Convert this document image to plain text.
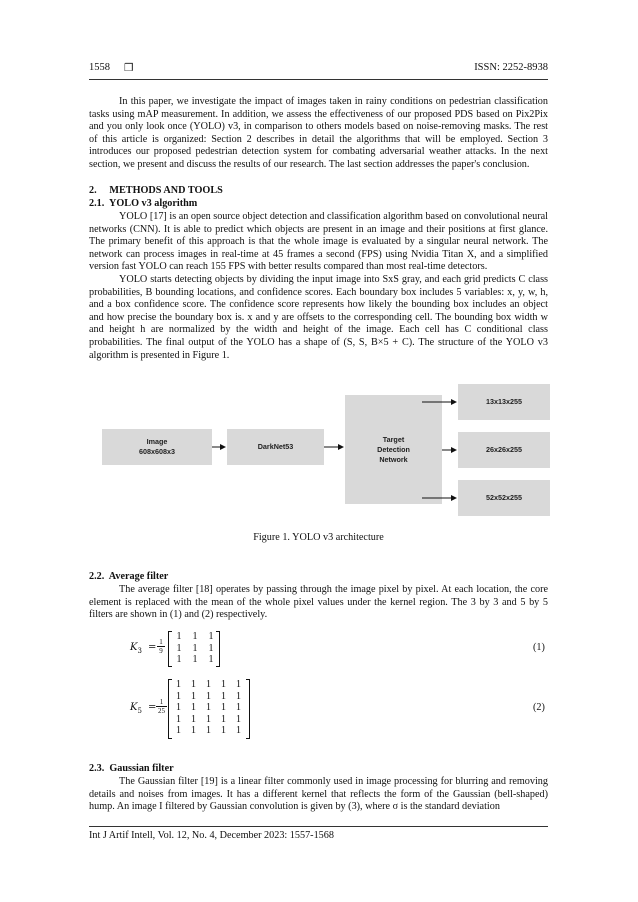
1558 ❒	ISSN: 2252-8938

In this paper, we investigate the impact of images taken in rainy conditions on pedestrian classification tasks using mAP measurement. In addition, we assess the effectiveness of our proposed PDS based on Pix2Pix and you only look once (YOLO) v3, in comparison to others models based on noise-removing masks. The rest of this article is organized: Section 2 describes in detail the algorithms that will be employed. Section 3 introduces our proposed pedestrian detection system for combating adversarial weather attacks. In the next section, we present and discuss the results of our research. The last section addresses the paper's conclusion.

2.     METHODS AND TOOLS
2.1.  YOLO v3 algorithm

YOLO [17] is an open source object detection and classification algorithm based on convolutional neural networks (CNN). It is able to predict which objects are present in an image and their positions at first glance. The primary benefit of this approach is that the whole image is evaluated by a singular neural network. The network can process images in real-time at 45 frames a second (FPS) using Nvidia Titan X, and a simplified version fast YOLO can reach 155 FPS with better results compared than most real-time detectors.

YOLO starts detecting objects by dividing the input image into SxS gray, and each grid predicts C class probabilities, B bounding locations, and confidence scores. Each boundary box includes 5 variables: x, y, w, h, and a box confidence score. The confidence score represents how likely the bounding box includes an object and how precise the boundary box is. x and y are offsets to the corresponding cell. The bounding box width w and height h are normalized by the width and height of the image. Each cell has C conditional class probabilities. The final output of the YOLO has a shape of (S, S, B×5 + C). The structure of the YOLO v3 algorithm is presented in Figure 1.

Image
608x608x3
DarkNet53
Target
Detection
Network
13x13x255
26x26x255
52x52x255
Figure 1. YOLO v3 architecture
2.2.  Average filter

The average filter [18] operates by passing through the image pixel by pixel. At each location, the core element is replaced with the mean of the whole pixel values under the kernel region. The 3 by 3 and 5 by 5 filters are shown in (1) and (2) respectively.

$K_3 = 1$
9
1	1	1
1	1	1
1	1	1
(1)
$K_5 = 1$
25
1	1	1	1	1
1	1	1	1	1
1	1	1	1	1
1	1	1	1	1
1	1	1	1	1
(2)
2.3.  Gaussian filter

The Gaussian filter [19] is a linear filter commonly used in image processing for blurring and removing details and noises from images. It has a different kernel that reflects the form of the Gaussian (bell-shaped) hump. An image I filtered by Gaussian convolution is given by (3), where σ is the standard deviation

Int J Artif Intell, Vol. 12, No. 4, December 2023: 1557-1568
